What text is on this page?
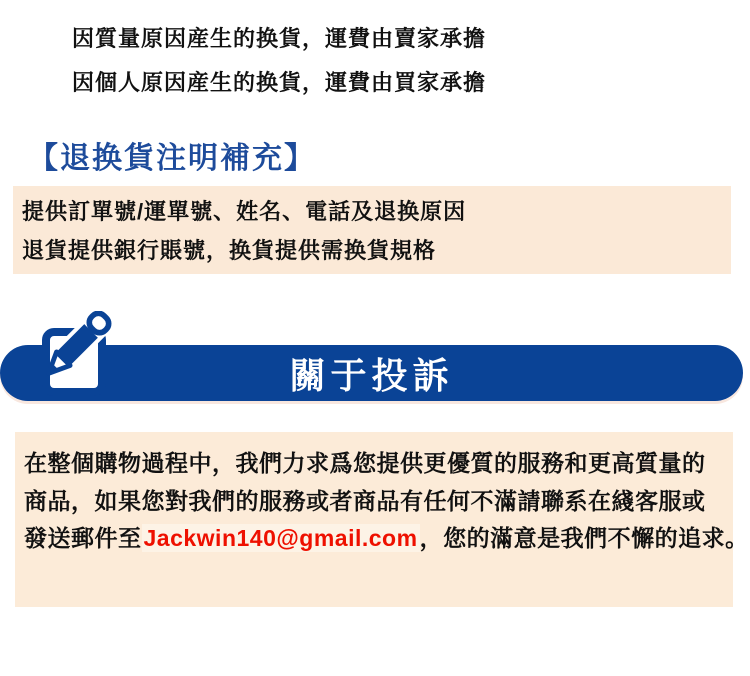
因質量原因産生的换貨，運費由賣家承擔
因個人原因産生的换貨，運費由買家承擔
【退换貨注明補充】
提供訂單號/運單號、姓名、電話及退换原因
退貨提供銀行賬號，换貨提供需换貨規格
關于投訴
在整個購物過程中，我們力求爲您提供更優質的服務和更高質量的
商品，如果您對我們的服務或者商品有任何不滿請聯系在綫客服或
發送郵件至Jackwin140@gmail.com，您的滿意是我們不懈的追求。
